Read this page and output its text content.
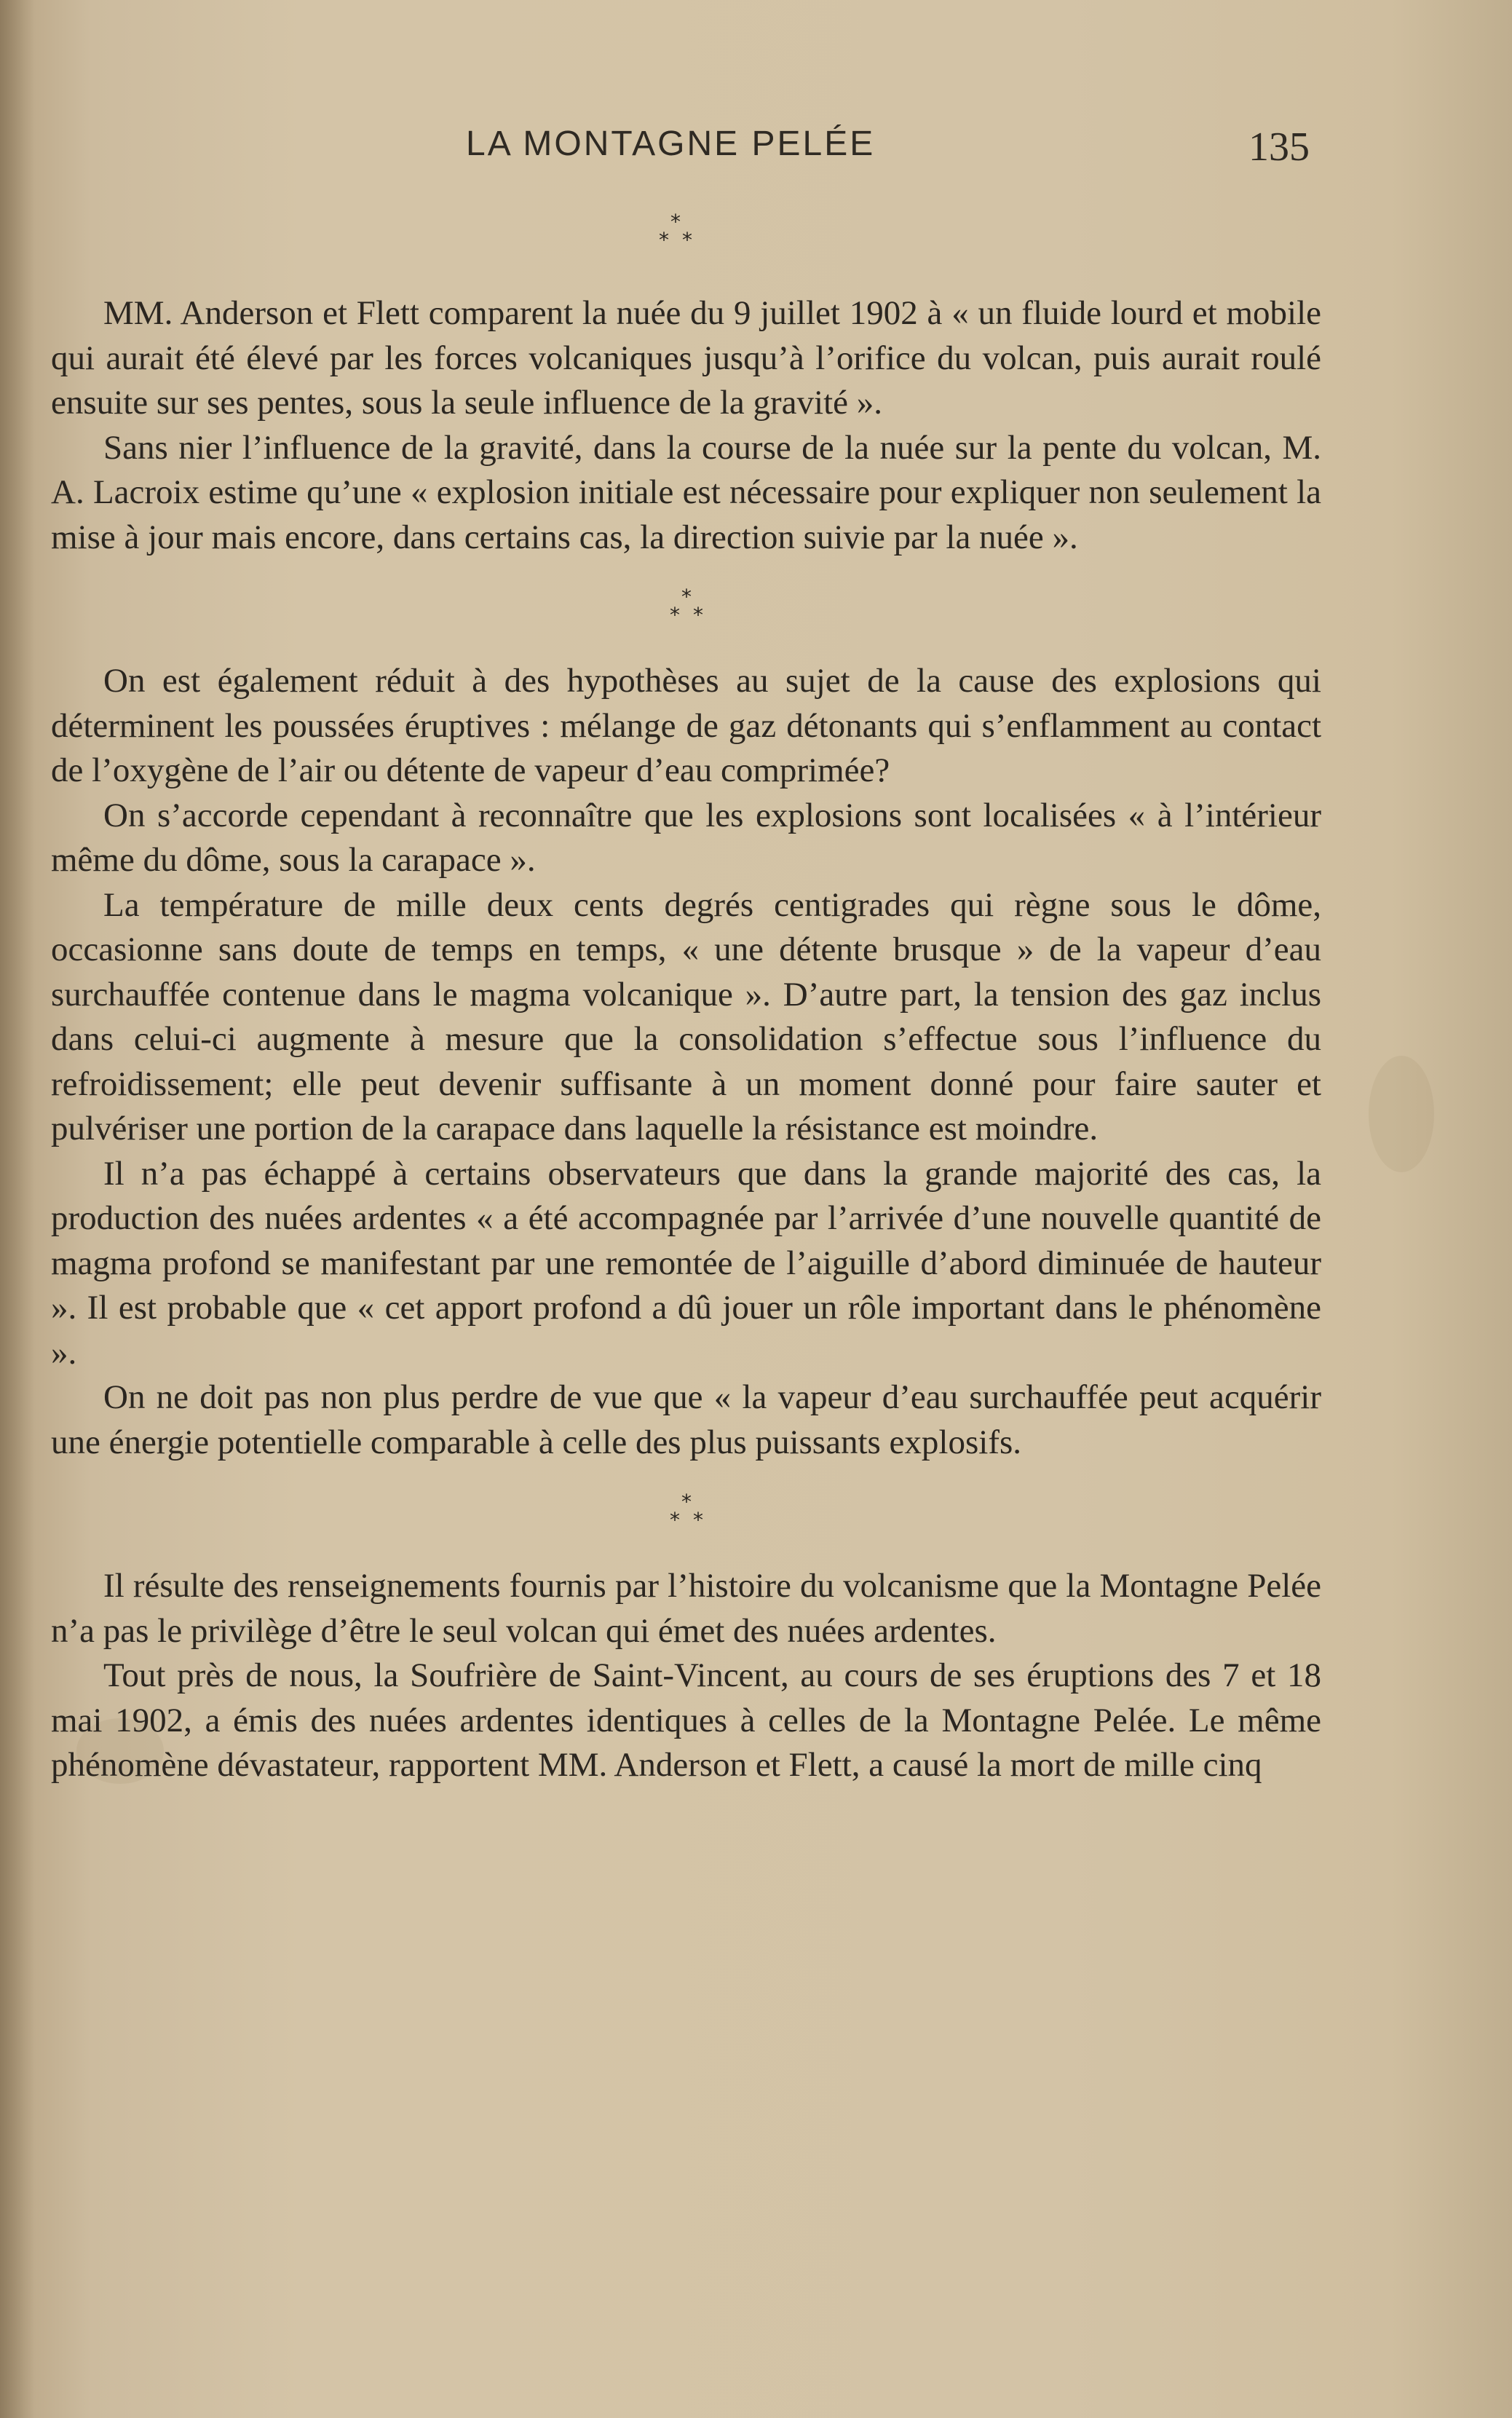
LA MONTAGNE PELÉE	135
*
* *

MM. Anderson et Flett comparent la nuée du 9 juillet 1902 à « un fluide lourd et mobile qui aurait été élevé par les forces volcaniques jusqu’à l’orifice du volcan, puis aurait roulé ensuite sur ses pentes, sous la seule influence de la gravité ».

Sans nier l’influence de la gravité, dans la course de la nuée sur la pente du volcan, M. A. Lacroix estime qu’une « explosion initiale est nécessaire pour expliquer non seulement la mise à jour mais encore, dans certains cas, la direction suivie par la nuée ».

*
* *

On est également réduit à des hypothèses au sujet de la cause des explosions qui déterminent les poussées éruptives : mélange de gaz détonants qui s’enflamment au contact de l’oxygène de l’air ou détente de vapeur d’eau comprimée?

On s’accorde cependant à reconnaître que les explosions sont localisées « à l’intérieur même du dôme, sous la carapace ».

La température de mille deux cents degrés centigrades qui règne sous le dôme, occasionne sans doute de temps en temps, « une détente brusque » de la vapeur d’eau surchauffée contenue dans le magma volcanique ». D’autre part, la tension des gaz inclus dans celui-ci augmente à mesure que la consolidation s’effectue sous l’influence du refroidissement; elle peut devenir suffisante à un moment donné pour faire sauter et pulvériser une portion de la carapace dans laquelle la résistance est moindre.

Il n’a pas échappé à certains observateurs que dans la grande majorité des cas, la production des nuées ardentes « a été accompagnée par l’arrivée d’une nouvelle quantité de magma profond se manifestant par une remontée de l’aiguille d’abord diminuée de hauteur ». Il est probable que « cet apport profond a dû jouer un rôle important dans le phénomène ».

On ne doit pas non plus perdre de vue que « la vapeur d’eau surchauffée peut acquérir une énergie potentielle comparable à celle des plus puissants explosifs.

*
* *

Il résulte des renseignements fournis par l’histoire du volcanisme que la Montagne Pelée n’a pas le privilège d’être le seul volcan qui émet des nuées ardentes.

Tout près de nous, la Soufrière de Saint-Vincent, au cours de ses éruptions des 7 et 18 mai 1902, a émis des nuées ardentes identiques à celles de la Montagne Pelée. Le même phénomène dévastateur, rapportent MM. Anderson et Flett, a causé la mort de mille cinq
